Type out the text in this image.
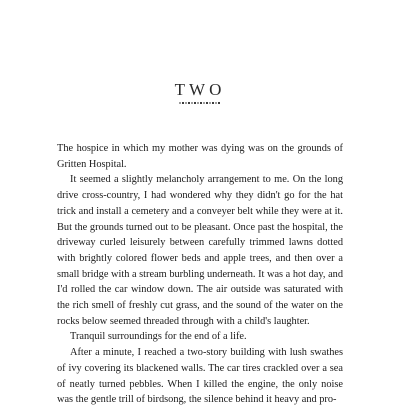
TWO

The hospice in which my mother was dying was on the grounds of Gritten Hospital.

It seemed a slightly melancholy arrangement to me. On the long drive cross-country, I had wondered why they didn't go for the hat trick and install a cemetery and a conveyer belt while they were at it. But the grounds turned out to be pleasant. Once past the hospital, the driveway curled leisurely between carefully trimmed lawns dotted with brightly colored flower beds and apple trees, and then over a small bridge with a stream burbling underneath. It was a hot day, and I'd rolled the car window down. The air outside was saturated with the rich smell of freshly cut grass, and the sound of the water on the rocks below seemed threaded through with a child's laughter.

Tranquil surroundings for the end of a life.

After a minute, I reached a two-story building with lush swathes of ivy covering its blackened walls. The car tires crackled over a sea of neatly turned pebbles. When I killed the engine, the only noise was the gentle trill of birdsong, the silence behind it heavy and pro-
